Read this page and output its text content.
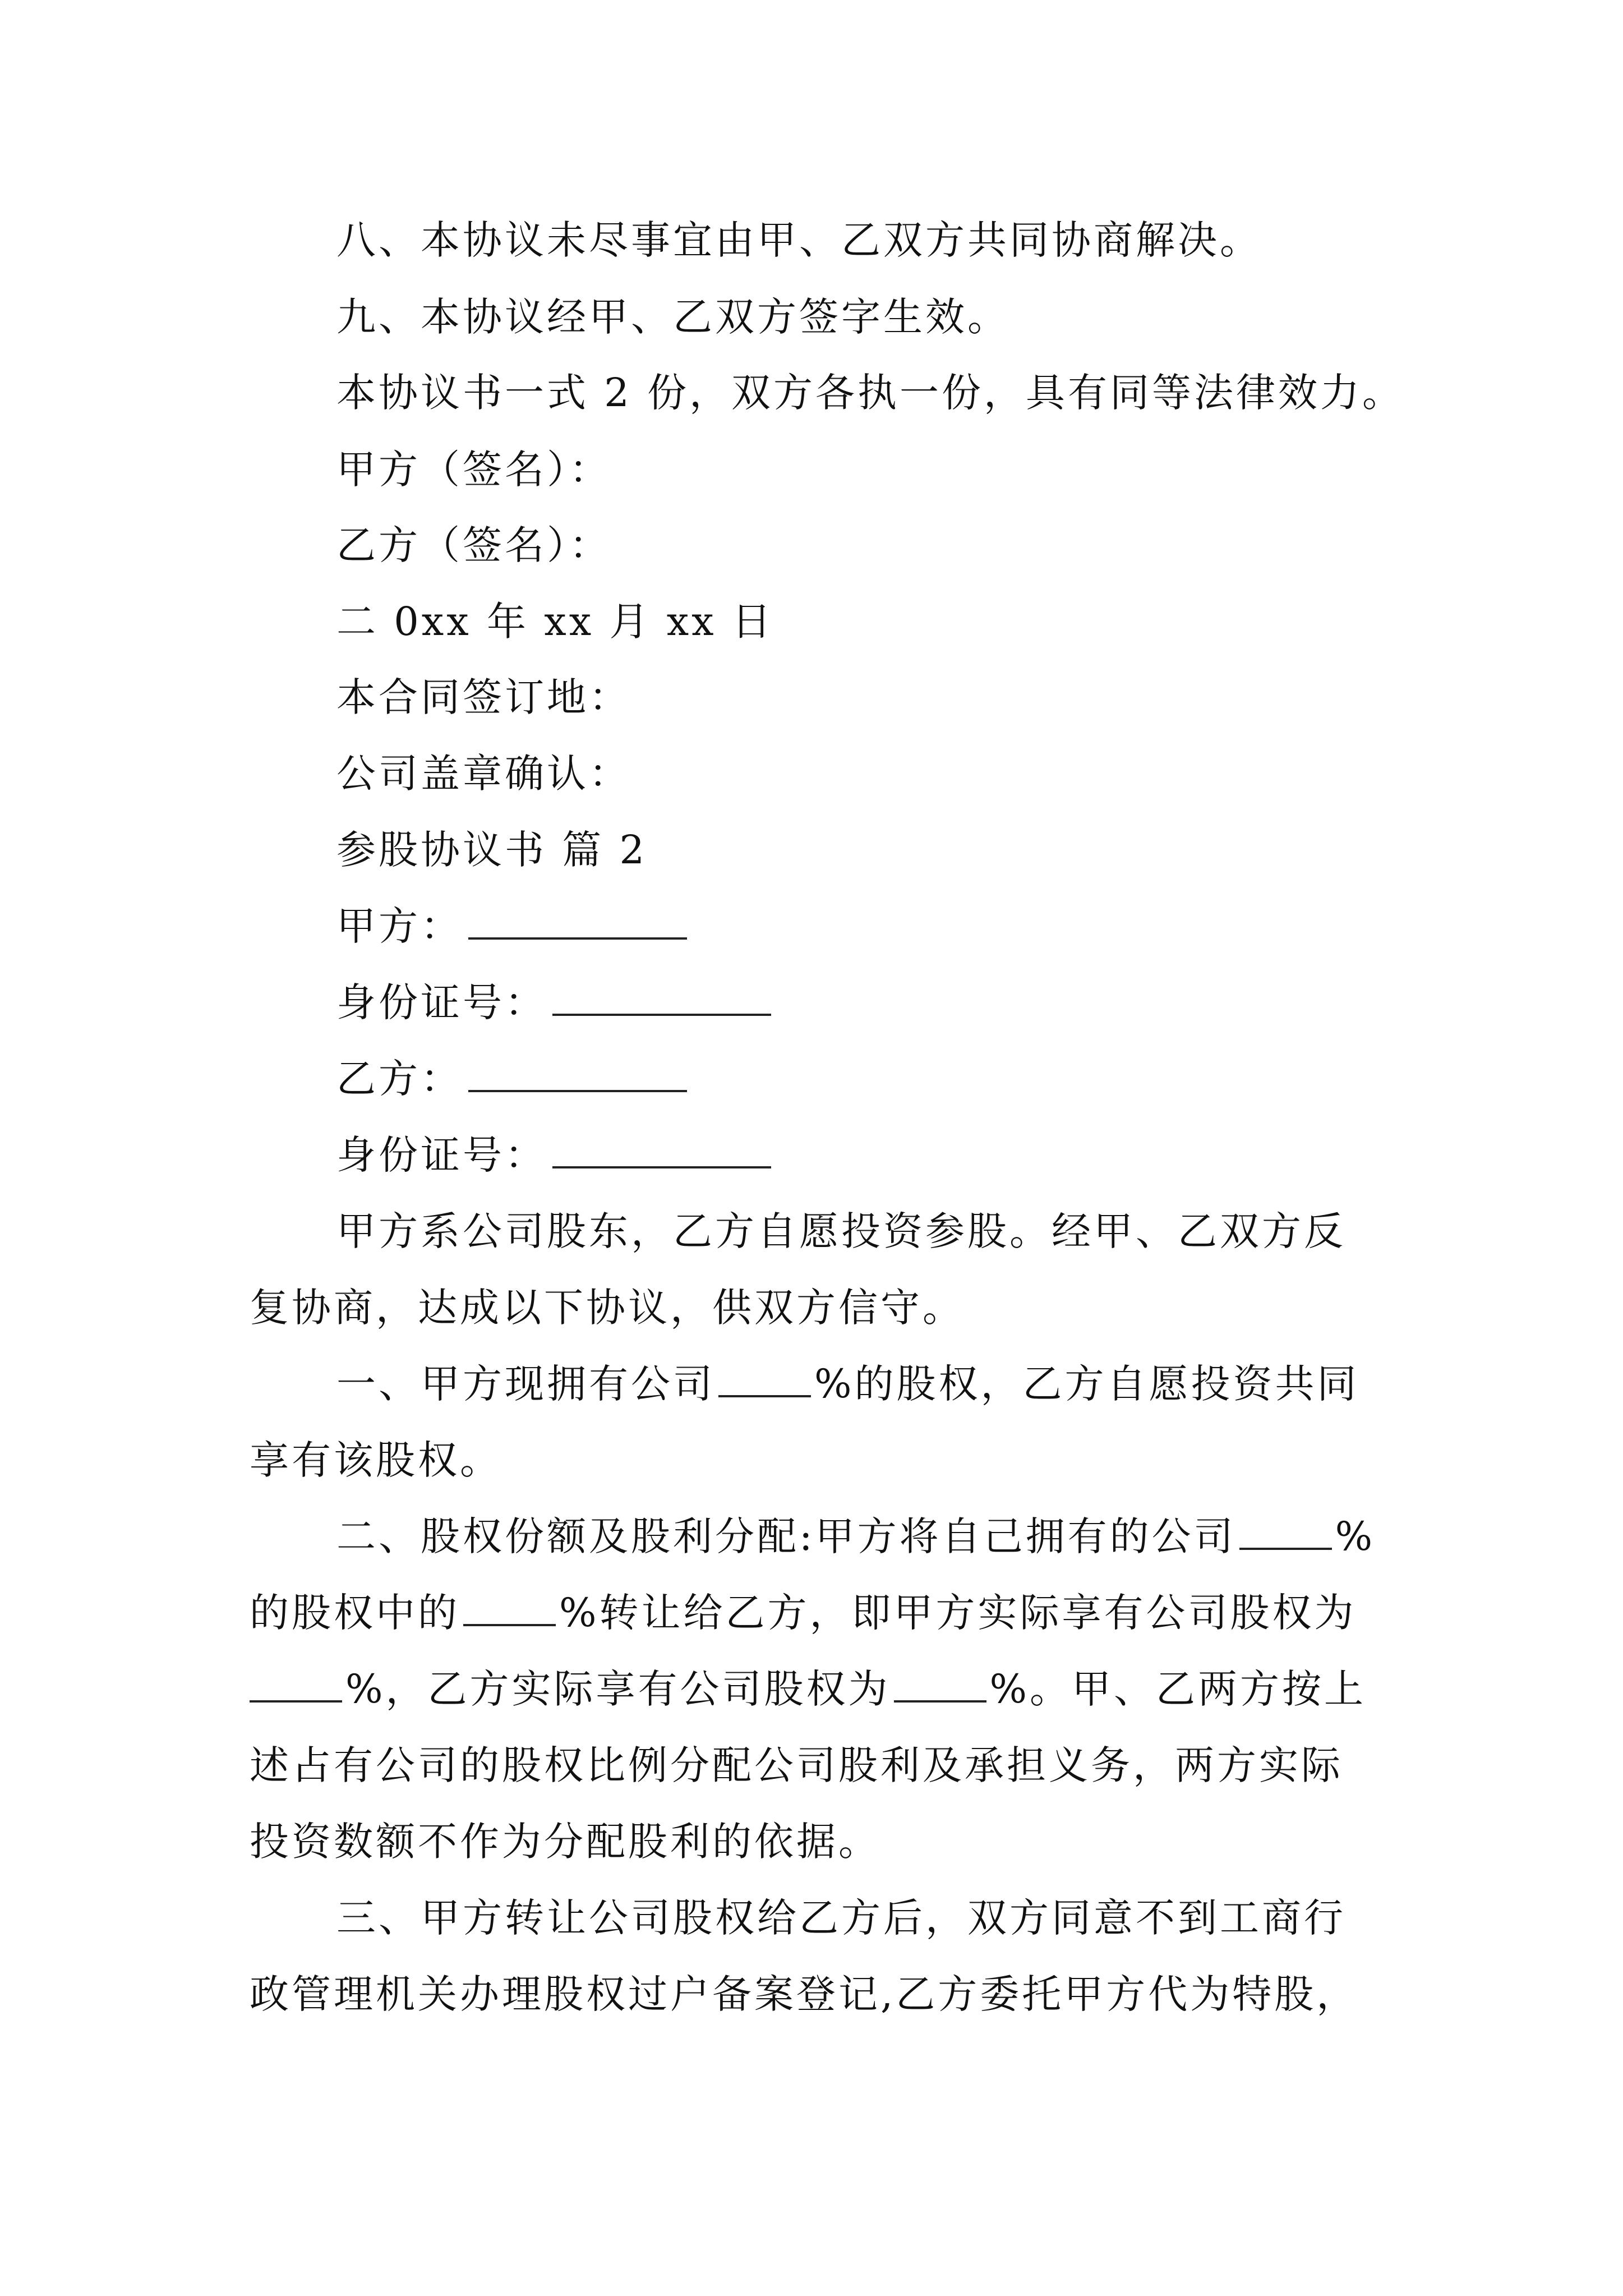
八、本协议未尽事宜由甲、乙双方共同协商解决。
九、本协议经甲、乙双方签字生效。
本协议书一式 2 份，双方各执一份，具有同等法律效力。
甲方（签名）：
乙方（签名）：
二 0xx 年 xx 月 xx 日
本合同签订地：
公司盖章确认：
参股协议书 篇 2
甲方：
身份证号：
乙方：
身份证号：
甲方系公司股东，乙方自愿投资参股。经甲、乙双方反
复协商，达成以下协议，供双方信守。
一、甲方现拥有公司	%的股权，乙方自愿投资共同
享有该股权。
二、股权份额及股利分配:甲方将自己拥有的公司	%
的股权中的	%转让给乙方，即甲方实际享有公司股权为
%，乙方实际享有公司股权为	%。甲、乙两方按上
述占有公司的股权比例分配公司股利及承担义务，两方实际
投资数额不作为分配股利的依据。
三、甲方转让公司股权给乙方后，双方同意不到工商行
政管理机关办理股权过户备案登记,乙方委托甲方代为特股，
